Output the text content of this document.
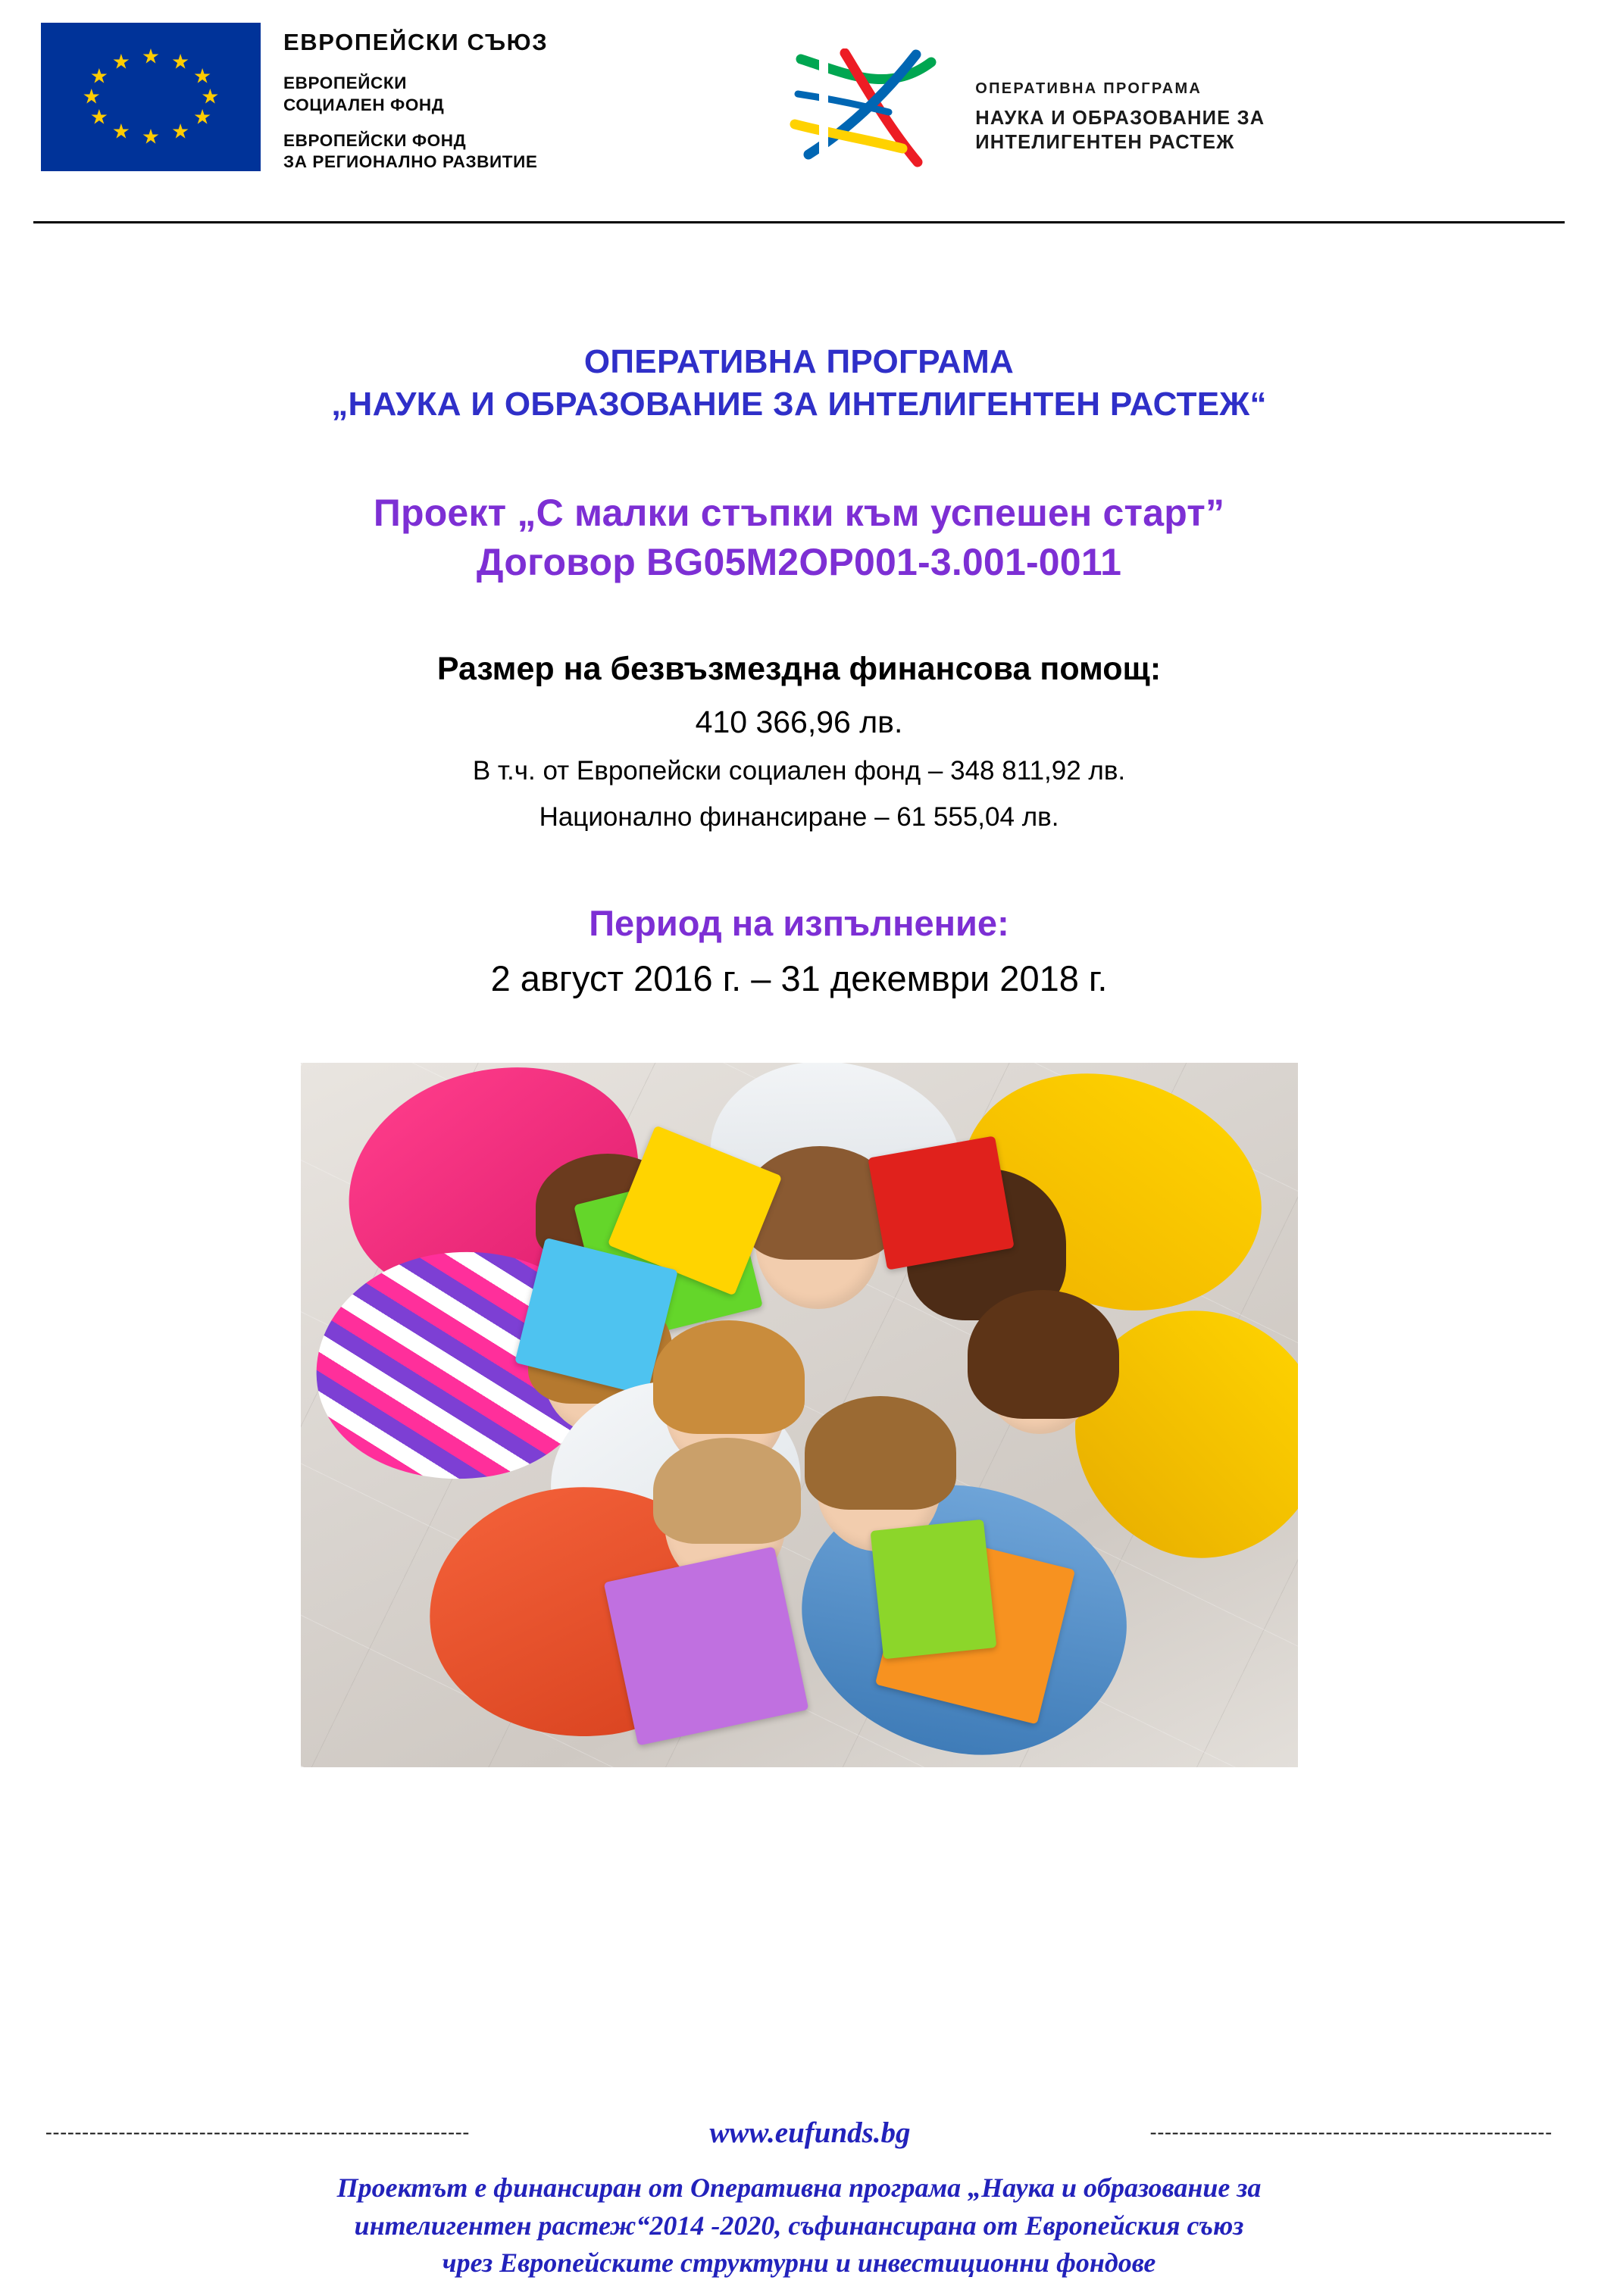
★ ★
★
★
★
★
★
★
★
★
★
★
ЕВРОПЕЙСКИ СЪЮЗ
ЕВРОПЕЙСКИ
СОЦИАЛЕН ФОНД
ЕВРОПЕЙСКИ ФОНД
ЗА РЕГИОНАЛНО РАЗВИТИЕ
ОПЕРАТИВНА ПРОГРАМА
НАУКА И ОБРАЗОВАНИЕ ЗА
ИНТЕЛИГЕНТЕН РАСТЕЖ
ОПЕРАТИВНА ПРОГРАМА
„НАУКА И ОБРАЗОВАНИЕ ЗА ИНТЕЛИГЕНТЕН РАСТЕЖ“
Проект „С малки стъпки към успешен старт”
Договор BG05M2OP001-3.001-0011
Размер на безвъзмездна финансова помощ:
410 366,96 лв.
В т.ч. от Европейски социален фонд – 348 811,92 лв.
Национално финансиране – 61 555,04 лв.
Период на изпълнение:
2 август 2016 г. – 31 декември 2018 г.
----------------------------------------------------------	www.eufunds.bg	-------------------------------------------------------
Проектът е финансиран от Оперативна програма „Наука и образование за
интелигентен растеж“2014 -2020, съфинансирана от Европейския съюз
чрез Европейските структурни и инвестиционни фондове
